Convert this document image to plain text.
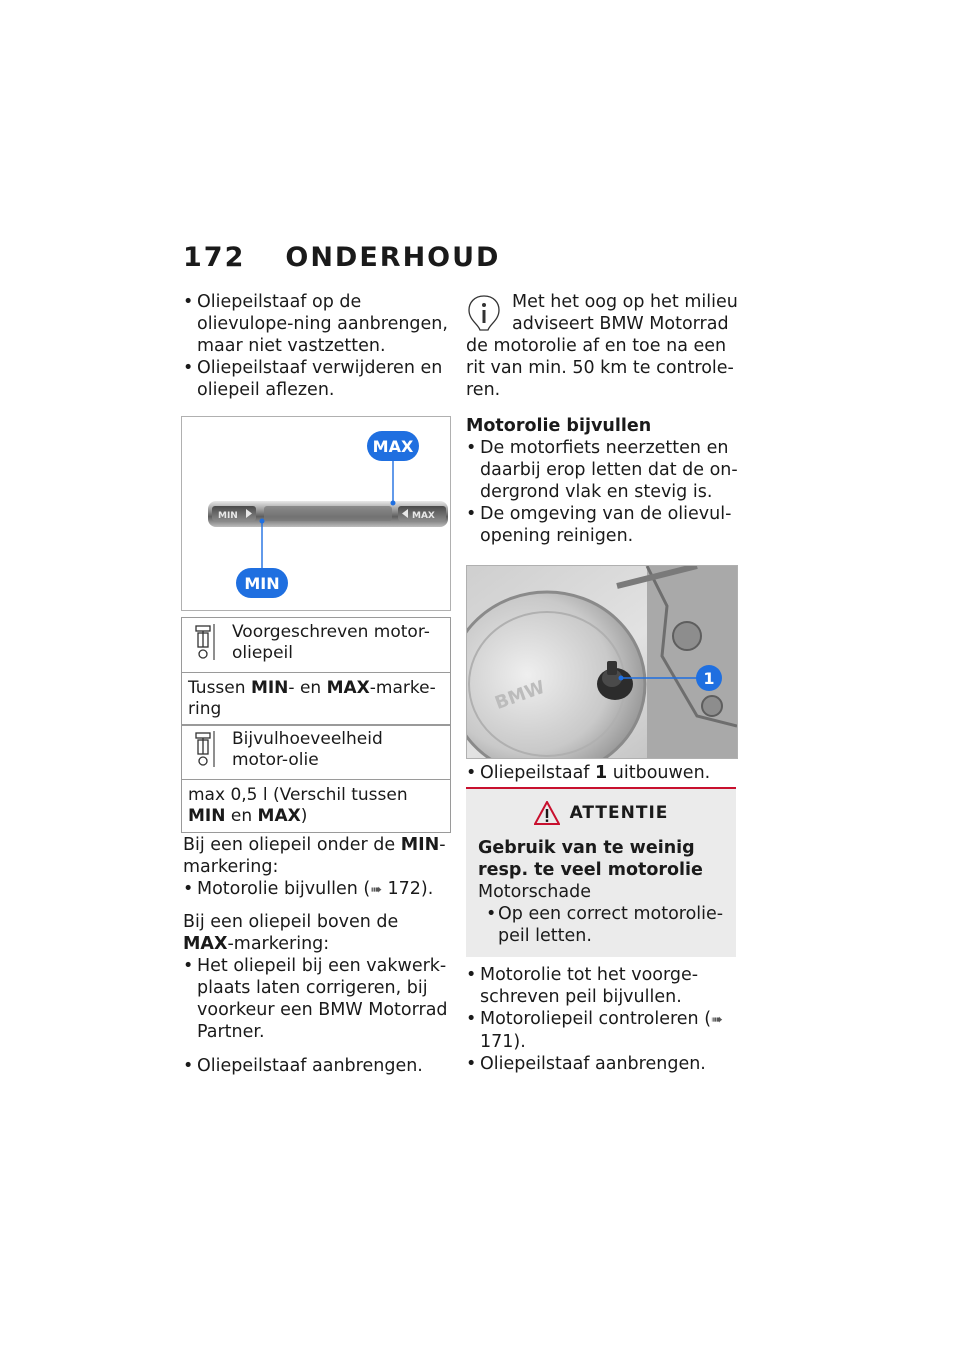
172 ONDERHOUD

• Oliepeilstaaf op de olievulope-ning aanbrengen, maar niet vastzetten.

• Oliepeilstaaf verwijderen en oliepeil aflezen.

MIN	MAX
MAX
MIN
Voorgeschreven motor-oliepeil
Tussen MIN- en MAX-marke-ring
Bijvulhoeveelheid motor-olie
max 0,5 l (Verschil tussen MIN en MAX)

Bij een oliepeil onder de MIN-markering:

• Motorolie bijvullen (➠ 172).

Bij een oliepeil boven de MAX-markering:

• Het oliepeil bij een vakwerk-plaats laten corrigeren, bij voorkeur een BMW Motorrad Partner.

• Oliepeilstaaf aanbrengen.

Met het oog op het milieu adviseert BMW Motorrad de motorolie af en toe na een rit van min. 50 km te controle-ren.

Motorolie bijvullen

• De motorfiets neerzetten en daarbij erop letten dat de on-dergrond vlak en stevig is.

• De omgeving van de olievul-opening reinigen.

BMW	1

• Oliepeilstaaf 1 uitbouwen.

ATTENTIE

Gebruik van te weinig resp. te veel motorolie

Motorschade

• Op een correct motorolie-peil letten.

• Motorolie tot het voorge-schreven peil bijvullen.

• Motoroliepeil controleren (➠ 171).

• Oliepeilstaaf aanbrengen.
